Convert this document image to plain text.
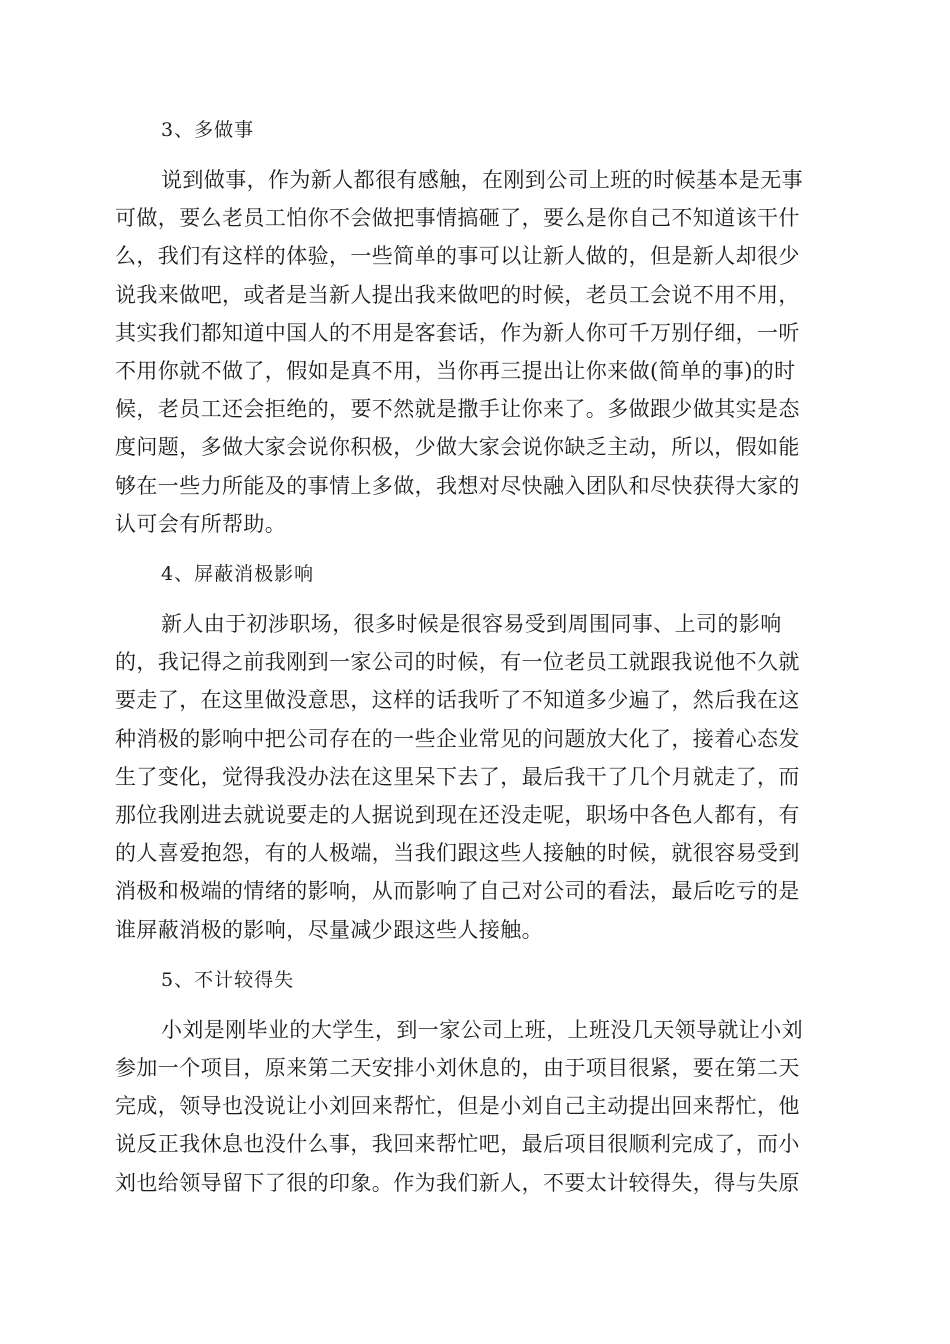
3、多做事
说到做事，作为新人都很有感触，在刚到公司上班的时候基本是无事
可做，要么老员工怕你不会做把事情搞砸了，要么是你自己不知道该干什
么，我们有这样的体验，一些简单的事可以让新人做的，但是新人却很少
说我来做吧，或者是当新人提出我来做吧的时候，老员工会说不用不用，
其实我们都知道中国人的不用是客套话，作为新人你可千万别仔细，一听
不用你就不做了，假如是真不用，当你再三提出让你来做(简单的事)的时
候，老员工还会拒绝的，要不然就是撒手让你来了。多做跟少做其实是态
度问题，多做大家会说你积极，少做大家会说你缺乏主动，所以，假如能
够在一些力所能及的事情上多做，我想对尽快融入团队和尽快获得大家的
认可会有所帮助。
4、屏蔽消极影响
新人由于初涉职场，很多时候是很容易受到周围同事、上司的影响
的，我记得之前我刚到一家公司的时候，有一位老员工就跟我说他不久就
要走了，在这里做没意思，这样的话我听了不知道多少遍了，然后我在这
种消极的影响中把公司存在的一些企业常见的问题放大化了，接着心态发
生了变化，觉得我没办法在这里呆下去了，最后我干了几个月就走了，而
那位我刚进去就说要走的人据说到现在还没走呢，职场中各色人都有，有
的人喜爱抱怨，有的人极端，当我们跟这些人接触的时候，就很容易受到
消极和极端的情绪的影响，从而影响了自己对公司的看法，最后吃亏的是
谁屏蔽消极的影响，尽量减少跟这些人接触。
5、不计较得失
小刘是刚毕业的大学生，到一家公司上班，上班没几天领导就让小刘
参加一个项目，原来第二天安排小刘休息的，由于项目很紧，要在第二天
完成，领导也没说让小刘回来帮忙，但是小刘自己主动提出回来帮忙，他
说反正我休息也没什么事，我回来帮忙吧，最后项目很顺利完成了，而小
刘也给领导留下了很的印象。作为我们新人，不要太计较得失，得与失原
